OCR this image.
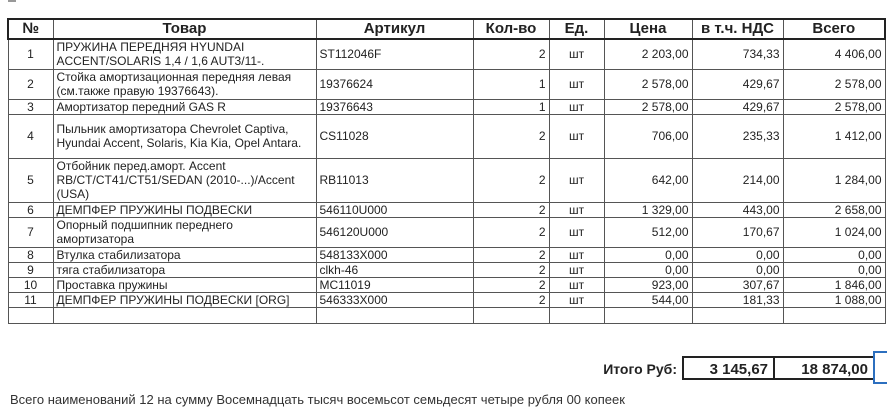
№	Товар	Артикул	Кол-во	Ед.	Цена	в т.ч. НДС	Всего
1	ПРУЖИНА ПЕРЕДНЯЯ HYUNDAI ACCENT/SOLARIS 1,4 / 1,6 AUT3/11-.	ST112046F	2	шт	2 203,00	734,33	4 406,00
2	Стойка амортизационная передняя левая (см.также правую 19376643).	19376624	1	шт	2 578,00	429,67	2 578,00
3	Амортизатор передний GAS R	19376643	1	шт	2 578,00	429,67	2 578,00
4	Пыльник амортизатора Chevrolet Captiva, Hyundai Accent, Solaris, Kia Kia, Opel Antara.	CS11028	2	шт	706,00	235,33	1 412,00
5	Отбойник перед.аморт. Accent RB/CT/CT41/CT51/SEDAN (2010-...)/Accent (USA)	RB11013	2	шт	642,00	214,00	1 284,00
6	ДЕМПФЕР ПРУЖИНЫ ПОДВЕСКИ	546110U000	2	шт	1 329,00	443,00	2 658,00
7	Опорный подшипник переднего амортизатора	546120U000	2	шт	512,00	170,67	1 024,00
8	Втулка стабилизатора	548133X000	2	шт	0,00	0,00	0,00
9	тяга стабилизатора	clkh-46	2	шт	0,00	0,00	0,00
10	Проставка пружины	MC11019	2	шт	923,00	307,67	1 846,00
11	ДЕМПФЕР ПРУЖИНЫ ПОДВЕСКИ [ORG]	546333X000	2	шт	544,00	181,33	1 088,00

Итого Руб:	3 145,67	18 874,00
Всего наименований 12 на сумму Восемнадцать тысяч восемьсот семьдесят четыре рубля 00 копеек
